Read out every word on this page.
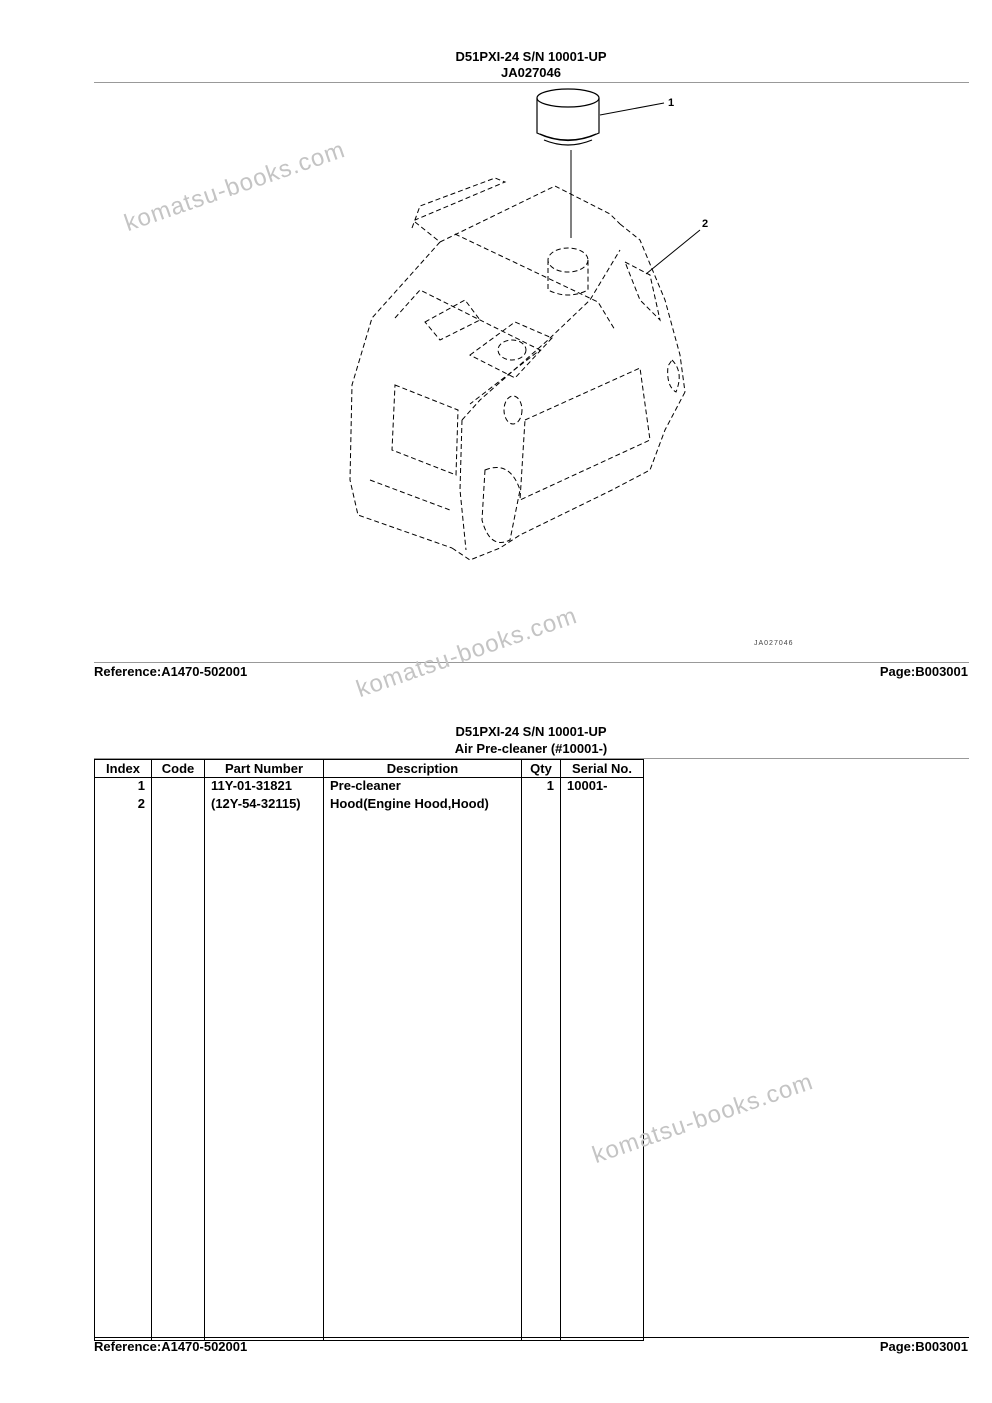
D51PXI-24 S/N 10001-UP
JA027046
1
2
JA027046
Reference:A1470-502001	Page:B003001
D51PXI-24 S/N 10001-UP
Air Pre-cleaner (#10001-)
Index	Code	Part Number	Description	Qty	Serial No.
1		11Y-01-31821	Pre-cleaner	1	10001-
2		(12Y-54-32115)	Hood(Engine Hood,Hood)		

Reference:A1470-502001	Page:B003001
komatsu-books.com
komatsu-books.com
komatsu-books.com
